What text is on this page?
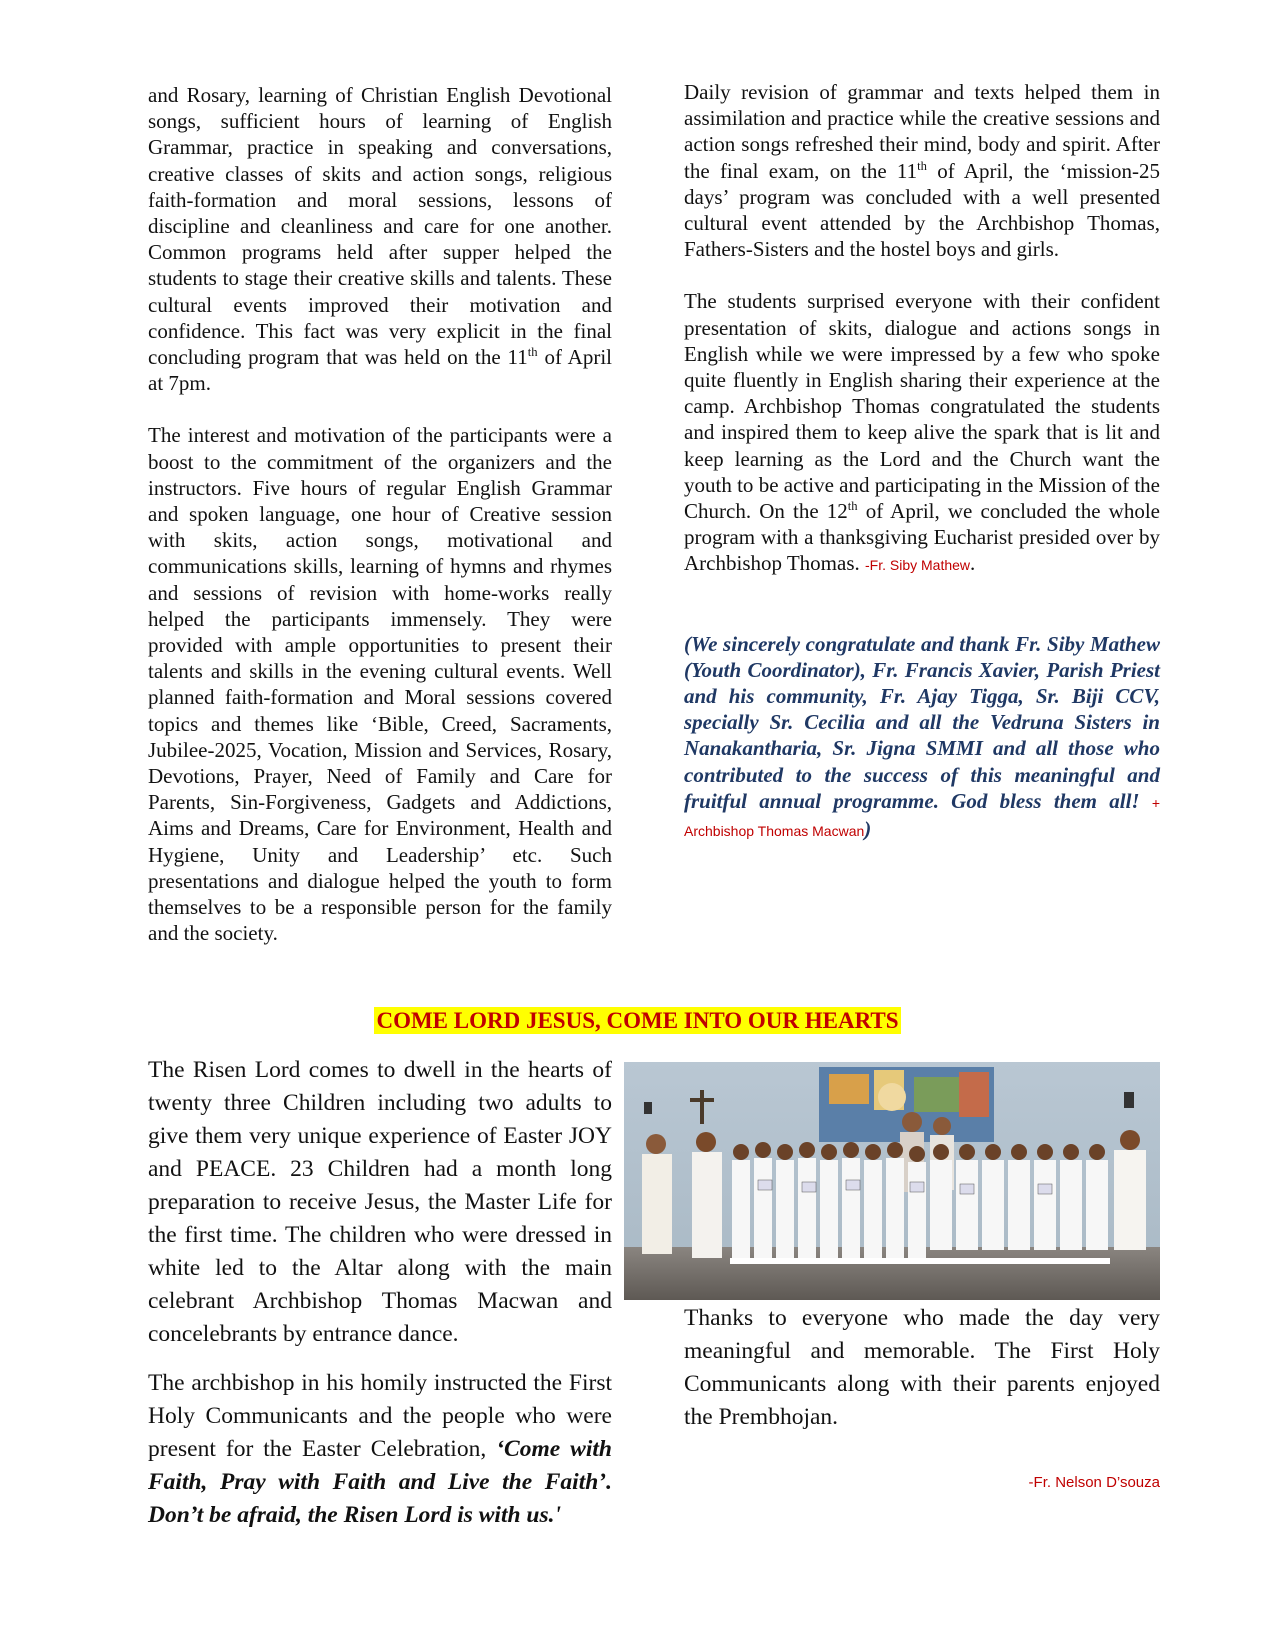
and Rosary, learning of Christian English Devotional songs, sufficient hours of learning of English Grammar, practice in speaking and conversations, creative classes of skits and action songs, religious faith-formation and moral sessions, lessons of discipline and cleanliness and care for one another. Common programs held after supper helped the students to stage their creative skills and talents. These cultural events improved their motivation and confidence. This fact was very explicit in the final concluding program that was held on the 11th of April at 7pm.

The interest and motivation of the participants were a boost to the commitment of the organizers and the instructors. Five hours of regular English Grammar and spoken language, one hour of Creative session with skits, action songs, motivational and communications skills, learning of hymns and rhymes and sessions of revision with home-works really helped the participants immensely. They were provided with ample opportunities to present their talents and skills in the evening cultural events. Well planned faith-formation and Moral sessions covered topics and themes like ‘Bible, Creed, Sacraments, Jubilee-2025, Vocation, Mission and Services, Rosary, Devotions, Prayer, Need of Family and Care for Parents, Sin-Forgiveness, Gadgets and Addictions, Aims and Dreams, Care for Environment, Health and Hygiene, Unity and Leadership’ etc. Such presentations and dialogue helped the youth to form themselves to be a responsible person for the family and the society.

Daily revision of grammar and texts helped them in assimilation and practice while the creative sessions and action songs refreshed their mind, body and spirit. After the final exam, on the 11th of April, the ‘mission-25 days’ program was concluded with a well presented cultural event attended by the Archbishop Thomas, Fathers-Sisters and the hostel boys and girls.

The students surprised everyone with their confident presentation of skits, dialogue and actions songs in English while we were impressed by a few who spoke quite fluently in English sharing their experience at the camp. Archbishop Thomas congratulated the students and inspired them to keep alive the spark that is lit and keep learning as the Lord and the Church want the youth to be active and participating in the Mission of the Church. On the 12th of April, we concluded the whole program with a thanksgiving Eucharist presided over by Archbishop Thomas. -Fr. Siby Mathew.

(We sincerely congratulate and thank Fr. Siby Mathew (Youth Coordinator), Fr. Francis Xavier, Parish Priest and his community, Fr. Ajay Tigga, Sr. Biji CCV, specially Sr. Cecilia and all the Vedruna Sisters in Nanakantharia, Sr. Jigna SMMI and all those who contributed to the success of this meaningful and fruitful annual programme. God bless them all! + Archbishop Thomas Macwan)

COME LORD JESUS, COME INTO OUR HEARTS

The Risen Lord comes to dwell in the hearts of twenty three Children including two adults to give them very unique experience of Easter JOY and PEACE. 23 Children had a month long preparation to receive Jesus, the Master Life for the first time. The children who were dressed in white led to the Altar along with the main celebrant Archbishop Thomas Macwan and concelebrants by entrance dance.

The archbishop in his homily instructed the First Holy Communicants and the people who were present for the Easter Celebration, ‘Come with Faith, Pray with Faith and Live the Faith’. Don’t be afraid, the Risen Lord is with us.'

Thanks to everyone who made the day very meaningful and memorable. The First Holy Communicants along with their parents enjoyed the Prembhojan.

-Fr. Nelson D’souza
